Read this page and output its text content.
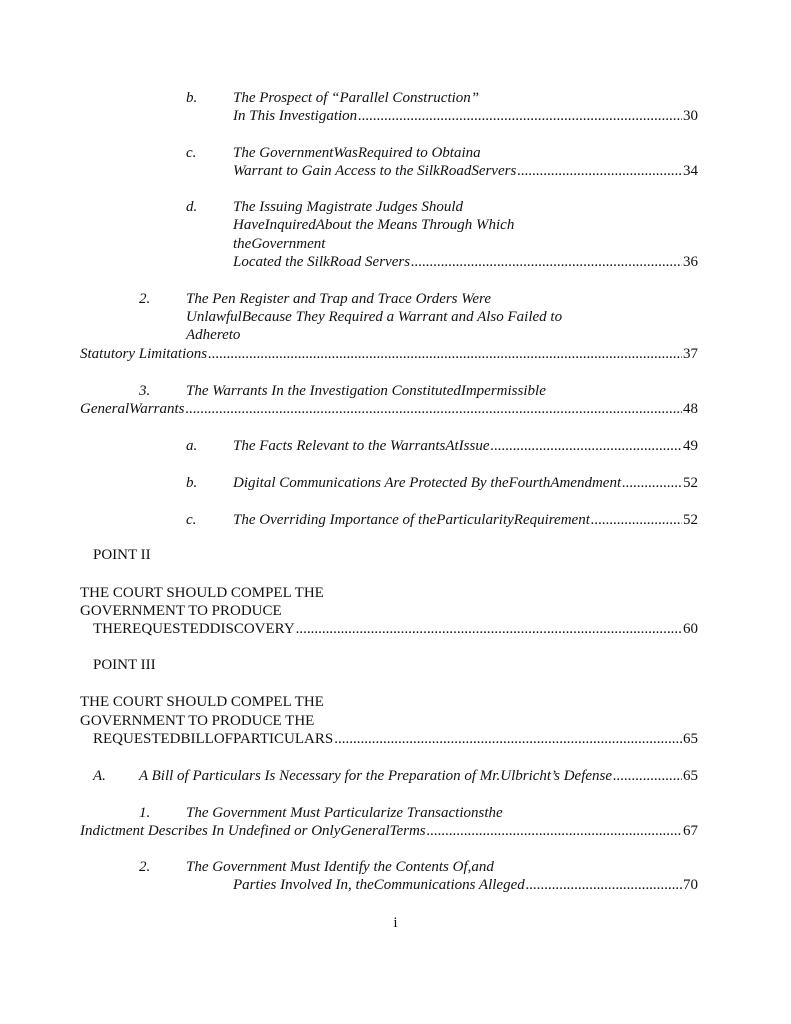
b. The Prospect of “Parallel Construction”
In This Investigation .....	30
c. The GovernmentWasRequired to Obtaina
Warrant to Gain Access to the SilkRoadServers .....	34
d. The Issuing Magistrate Judges Should
HaveInquiredAbout the Means Through Which
theGovernment
Located the SilkRoad Servers .....	36
2. The Pen Register and Trap and Trace Orders Were
UnlawfulBecause They Required a Warrant and Also Failed to
Adhereto
Statutory Limitations .....	37
3. The Warrants In the Investigation ConstitutedImpermissible
GeneralWarrants .....	48
a. The Facts Relevant to the WarrantsAtIssue .....	49
b. Digital Communications Are Protected By theFourthAmendment .....	52
c. The Overriding Importance of theParticularityRequirement .....	52
POINT II
THE COURT SHOULD COMPEL THE
GOVERNMENT TO PRODUCE
THEREQUESTEDDISCOVERY .....	60
POINT III
THE COURT SHOULD COMPEL THE
GOVERNMENT TO PRODUCE THE
REQUESTEDBILLOFPARTICULARS .....	65
A. A Bill of Particulars Is Necessary for the Preparation of Mr.Ulbricht’s Defense .....	65
1. The Government Must Particularize Transactionsthe
Indictment Describes In Undefined or OnlyGeneralTerms .....	67
2. The Government Must Identify the Contents Of,and
Parties Involved In, theCommunications Alleged .....	70
i
